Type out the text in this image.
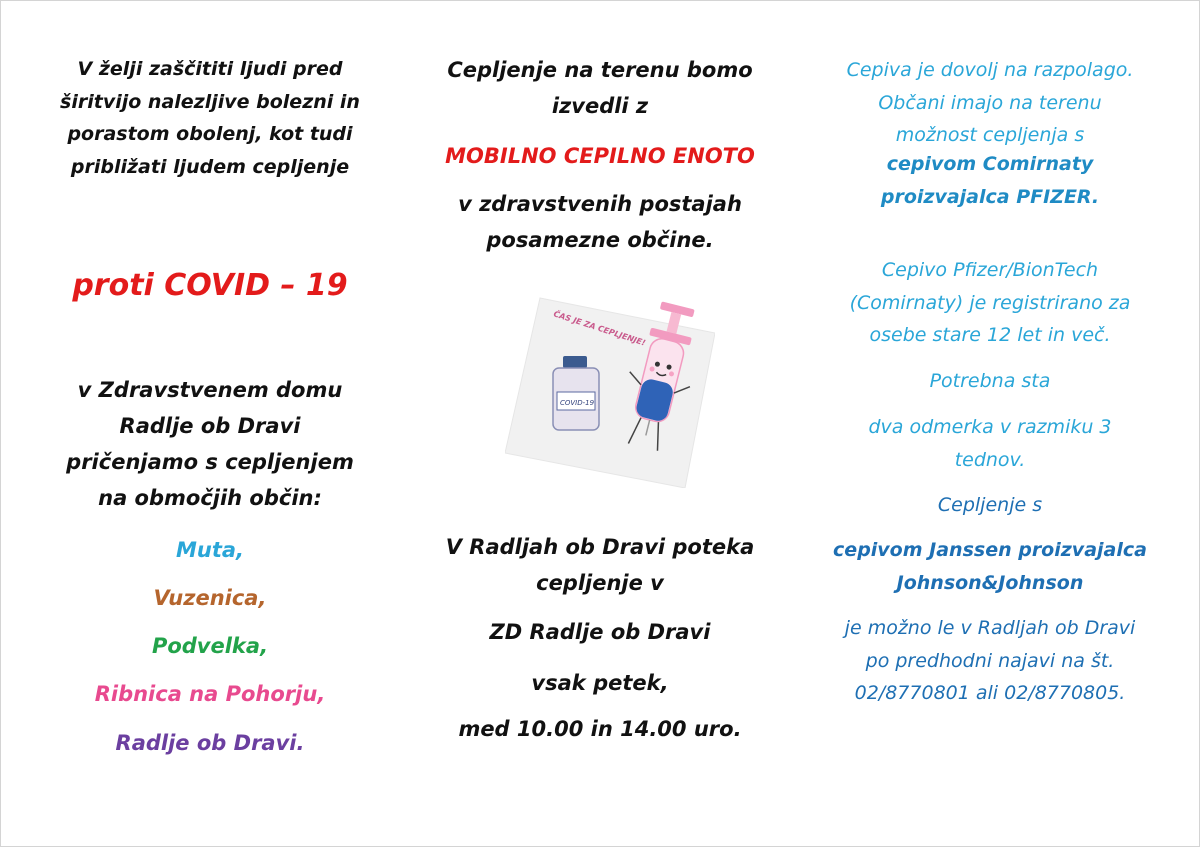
V želji zaščititi ljudi pred
širitvijo nalezljive bolezni in
porastom obolenj, kot tudi
približati ljudem cepljenje
proti COVID – 19
v Zdravstvenem domu
Radlje ob Dravi
pričenjamo s cepljenjem
na območjih občin:
Muta,
Vuzenica,
Podvelka,
Ribnica na Pohorju,
Radlje ob Dravi.
Cepljenje na terenu bomo
izvedli z
MOBILNO CEPILNO ENOTO
v zdravstvenih postajah
posamezne občine.
ČAS JE ZA CEPLJENJE!
COVID-19
V Radljah ob Dravi poteka
cepljenje v
ZD Radlje ob Dravi
vsak petek,
med 10.00 in 14.00 uro.
Cepiva je dovolj na razpolago.
Občani imajo na terenu
možnost cepljenja s
cepivom Comirnaty
proizvajalca PFIZER.
Cepivo Pfizer/BionTech
(Comirnaty) je registrirano za
osebe stare 12 let in več.
Potrebna sta
dva odmerka v razmiku 3
tednov.
Cepljenje s
cepivom Janssen proizvajalca
Johnson&Johnson
je možno le v Radljah ob Dravi
po predhodni najavi na št.
02/8770801 ali 02/8770805.
